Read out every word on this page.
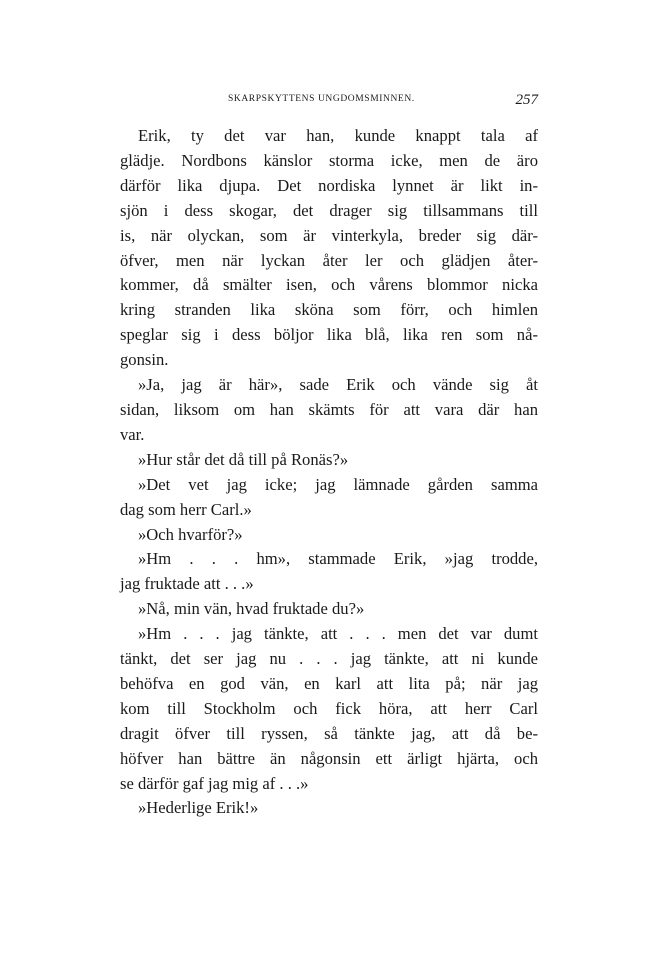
SKARPSKYTTENS UNGDOMSMINNEN.	257

Erik, ty det var han, kunde knappt tala af
glädje. Nordbons känslor storma icke, men de äro
därför lika djupa. Det nordiska lynnet är likt in-
sjön i dess skogar, det drager sig tillsammans till
is, när olyckan, som är vinterkyla, breder sig där-
öfver, men när lyckan åter ler och glädjen åter-
kommer, då smälter isen, och vårens blommor nicka
kring stranden lika sköna som förr, och himlen
speglar sig i dess böljor lika blå, lika ren som nå-
gonsin.

»Ja, jag är här», sade Erik och vände sig åt
sidan, liksom om han skämts för att vara där han
var.

»Hur står det då till på Ronäs?»

»Det vet jag icke; jag lämnade gården samma
dag som herr Carl.»

»Och hvarför?»

»Hm . . . hm», stammade Erik, »jag trodde,
jag fruktade att . . .»

»Nå, min vän, hvad fruktade du?»

»Hm . . . jag tänkte, att . . . men det var dumt
tänkt, det ser jag nu . . . jag tänkte, att ni kunde
behöfva en god vän, en karl att lita på; när jag
kom till Stockholm och fick höra, att herr Carl
dragit öfver till ryssen, så tänkte jag, att då be-
höfver han bättre än någonsin ett ärligt hjärta, och
se därför gaf jag mig af . . .»

»Hederlige Erik!»
